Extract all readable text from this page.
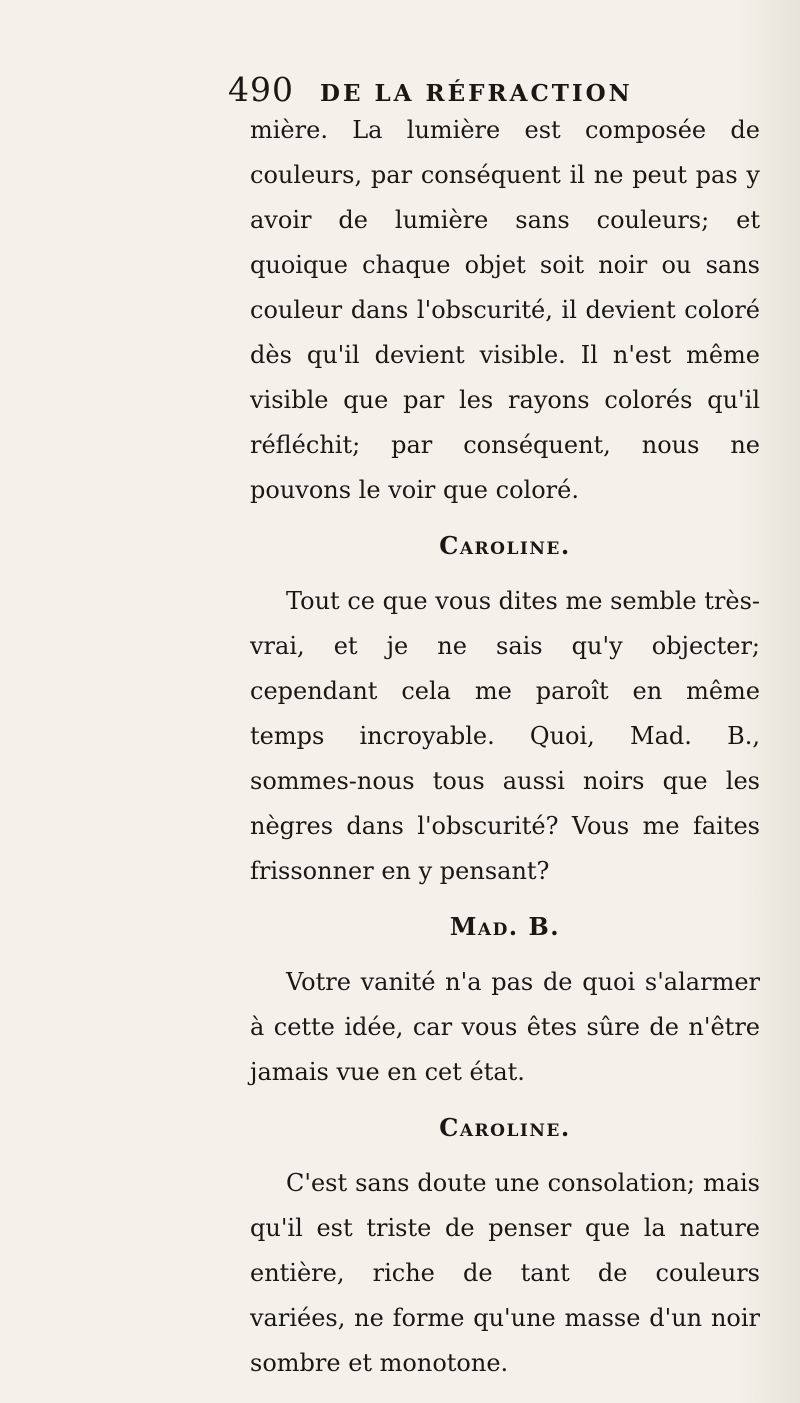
490	DE LA RÉFRACTION

mière. La lumière est composée de couleurs, par conséquent il ne peut pas y avoir de lumière sans couleurs; et quoique chaque objet soit noir ou sans couleur dans l'obscurité, il devient coloré dès qu'il devient visible. Il n'est même visible que par les rayons colorés qu'il réfléchit; par conséquent, nous ne pouvons le voir que coloré.

Caroline.

Tout ce que vous dites me semble très-vrai, et je ne sais qu'y objecter; cependant cela me paroît en même temps incroyable. Quoi, Mad. B., sommes-nous tous aussi noirs que les nègres dans l'obscurité? Vous me faites frissonner en y pensant?

Mad. B.

Votre vanité n'a pas de quoi s'alarmer à cette idée, car vous êtes sûre de n'être jamais vue en cet état.

Caroline.

C'est sans doute une consolation; mais qu'il est triste de penser que la nature entière, riche de tant de couleurs variées, ne forme qu'une masse d'un noir sombre et monotone.
